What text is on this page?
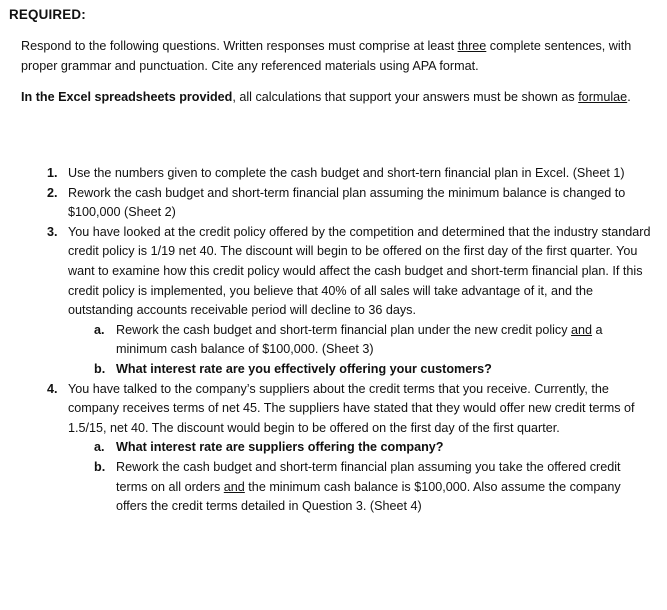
REQUIRED:
Respond to the following questions. Written responses must comprise at least three complete sentences, with proper grammar and punctuation. Cite any referenced materials using APA format.
In the Excel spreadsheets provided, all calculations that support your answers must be shown as formulae.
1. Use the numbers given to complete the cash budget and short-tern financial plan in Excel. (Sheet 1)
2. Rework the cash budget and short-term financial plan assuming the minimum balance is changed to $100,000 (Sheet 2)
3. You have looked at the credit policy offered by the competition and determined that the industry standard credit policy is 1/19 net 40. The discount will begin to be offered on the first day of the first quarter. You want to examine how this credit policy would affect the cash budget and short-term financial plan. If this credit policy is implemented, you believe that 40% of all sales will take advantage of it, and the outstanding accounts receivable period will decline to 36 days.
a. Rework the cash budget and short-term financial plan under the new credit policy and a minimum cash balance of $100,000. (Sheet 3)
b. What interest rate are you effectively offering your customers?
4. You have talked to the company’s suppliers about the credit terms that you receive. Currently, the company receives terms of net 45. The suppliers have stated that they would offer new credit terms of 1.5/15, net 40. The discount would begin to be offered on the first day of the first quarter.
a. What interest rate are suppliers offering the company?
b. Rework the cash budget and short-term financial plan assuming you take the offered credit terms on all orders and the minimum cash balance is $100,000. Also assume the company offers the credit terms detailed in Question 3. (Sheet 4)
